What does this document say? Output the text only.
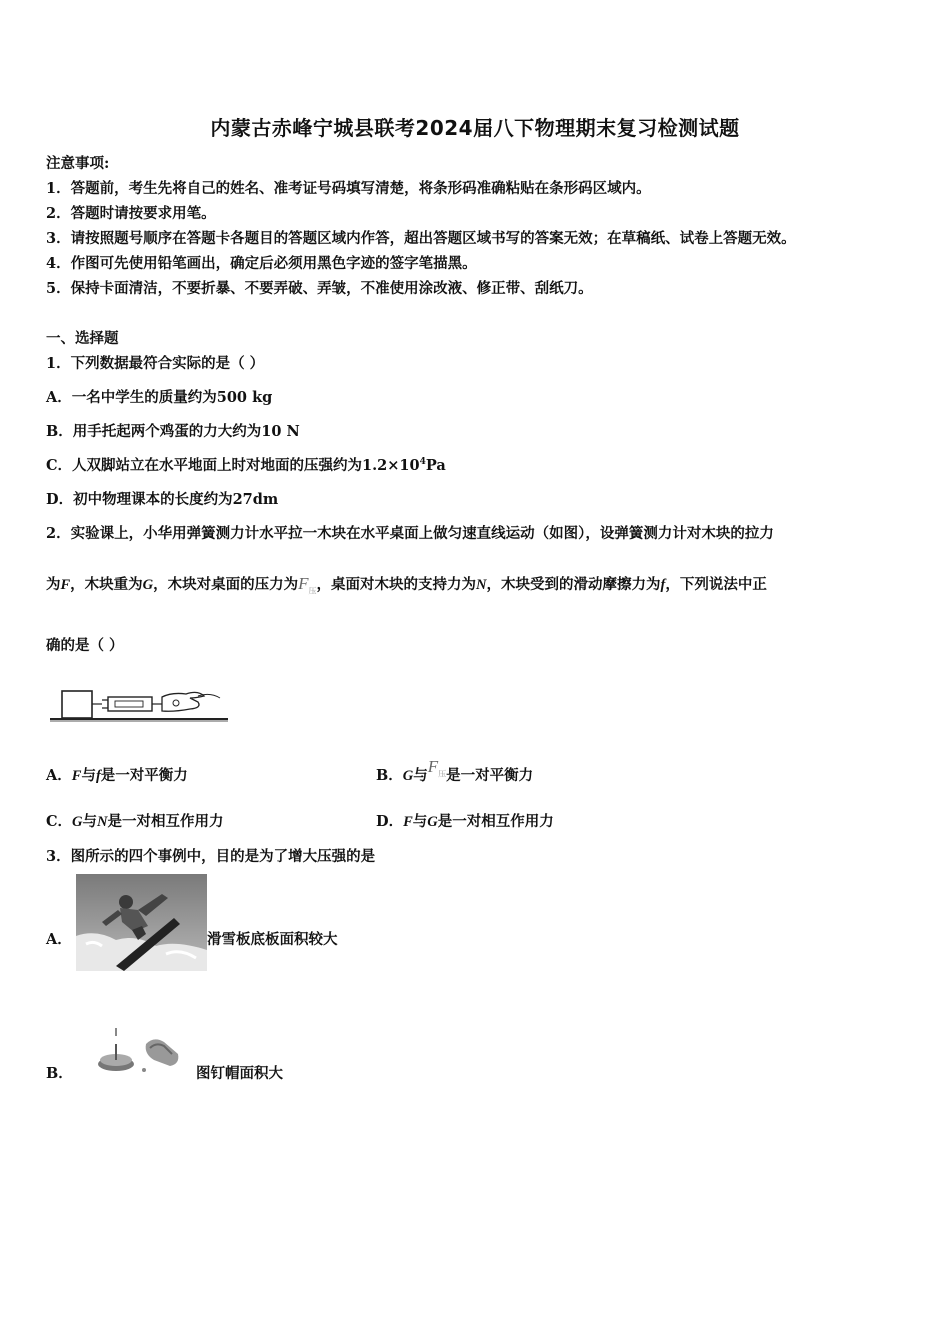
内蒙古赤峰宁城县联考2024届八下物理期末复习检测试题
注意事项:
1．答题前，考生先将自己的姓名、准考证号码填写清楚，将条形码准确粘贴在条形码区域内。
2．答题时请按要求用笔。
3．请按照题号顺序在答题卡各题目的答题区域内作答，超出答题区域书写的答案无效；在草稿纸、试卷上答题无效。
4．作图可先使用铅笔画出，确定后必须用黑色字迹的签字笔描黑。
5．保持卡面清洁，不要折暴、不要弄破、弄皱，不准使用涂改液、修正带、刮纸刀。
一、选择题
1．下列数据最符合实际的是（ ）
A．一名中学生的质量约为500 kg
B．用手托起两个鸡蛋的力大约为10 N
C．人双脚站立在水平地面上时对地面的压强约为$1.2\times 10^4Pa$
D．初中物理课本的长度约为27dm
2．实验课上，小华用弹簧测力计水平拉一木块在水平桌面上做匀速直线运动（如图），设弹簧测力计对木块的拉力
为F，木块重为G，木块对桌面的压力为$F_压$，桌面对木块的支持力为N，木块受到的滑动摩擦力为f，下列说法中正
确的是（ ）
A．F与f是一对平衡力	B．G与$F_压$是一对平衡力
C．G与N是一对相互作用力	D．F与G是一对相互作用力
3．图所示的四个事例中，目的是为了增大压强的是
A．	滑雪板底板面积较大
B．	图钉帽面积大
